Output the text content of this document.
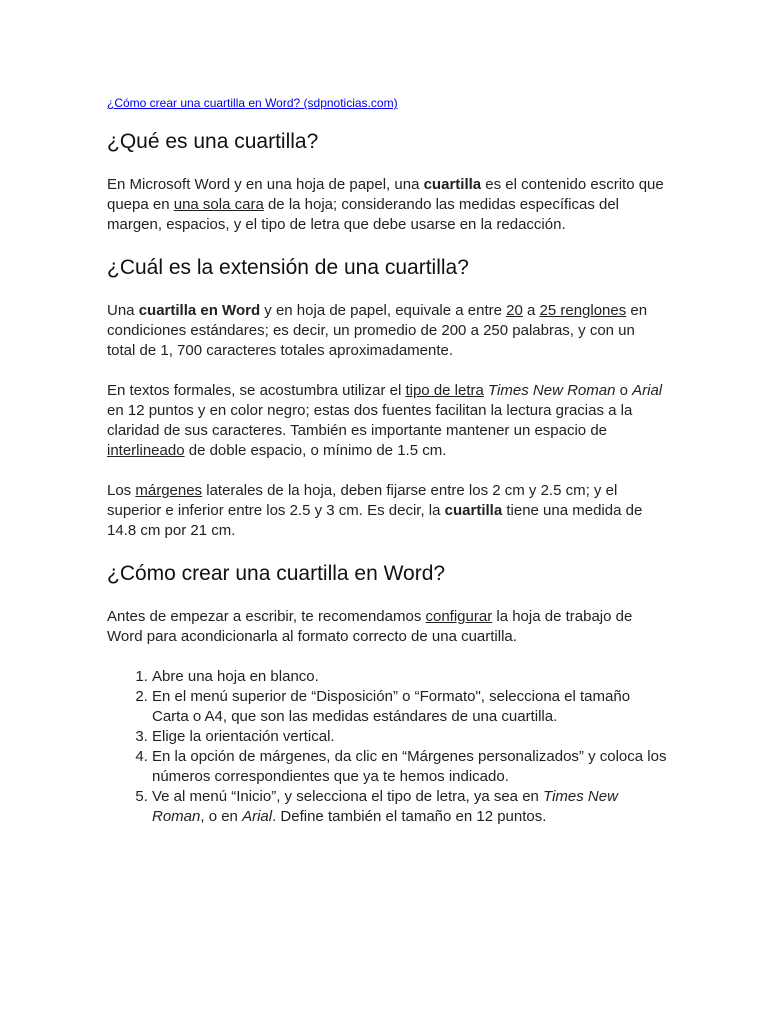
¿Cómo crear una cuartilla en Word? (sdpnoticias.com)
¿Qué es una cuartilla?

En Microsoft Word y en una hoja de papel, una cuartilla es el contenido escrito que quepa en una sola cara de la hoja; considerando las medidas específicas del margen, espacios, y el tipo de letra que debe usarse en la redacción.

¿Cuál es la extensión de una cuartilla?

Una cuartilla en Word y en hoja de papel, equivale a entre 20 a 25 renglones en condiciones estándares; es decir, un promedio de 200 a 250 palabras, y con un total de 1, 700 caracteres totales aproximadamente.

En textos formales, se acostumbra utilizar el tipo de letra Times New Roman o Arial en 12 puntos y en color negro; estas dos fuentes facilitan la lectura gracias a la claridad de sus caracteres. También es importante mantener un espacio de interlineado de doble espacio, o mínimo de 1.5 cm.

Los márgenes laterales de la hoja, deben fijarse entre los 2 cm y 2.5 cm; y el superior e inferior entre los 2.5 y 3 cm. Es decir, la cuartilla tiene una medida de 14.8 cm por 21 cm.

¿Cómo crear una cuartilla en Word?

Antes de empezar a escribir, te recomendamos configurar la hoja de trabajo de Word para acondicionarla al formato correcto de una cuartilla.

1. Abre una hoja en blanco.
2. En el menú superior de “Disposición” o “Formato", selecciona el tamaño Carta o A4, que son las medidas estándares de una cuartilla.
3. Elige la orientación vertical.
4. En la opción de márgenes, da clic en “Márgenes personalizados” y coloca los números correspondientes que ya te hemos indicado.
5. Ve al menú “Inicio”, y selecciona el tipo de letra, ya sea en Times New Roman, o en Arial. Define también el tamaño en 12 puntos.
